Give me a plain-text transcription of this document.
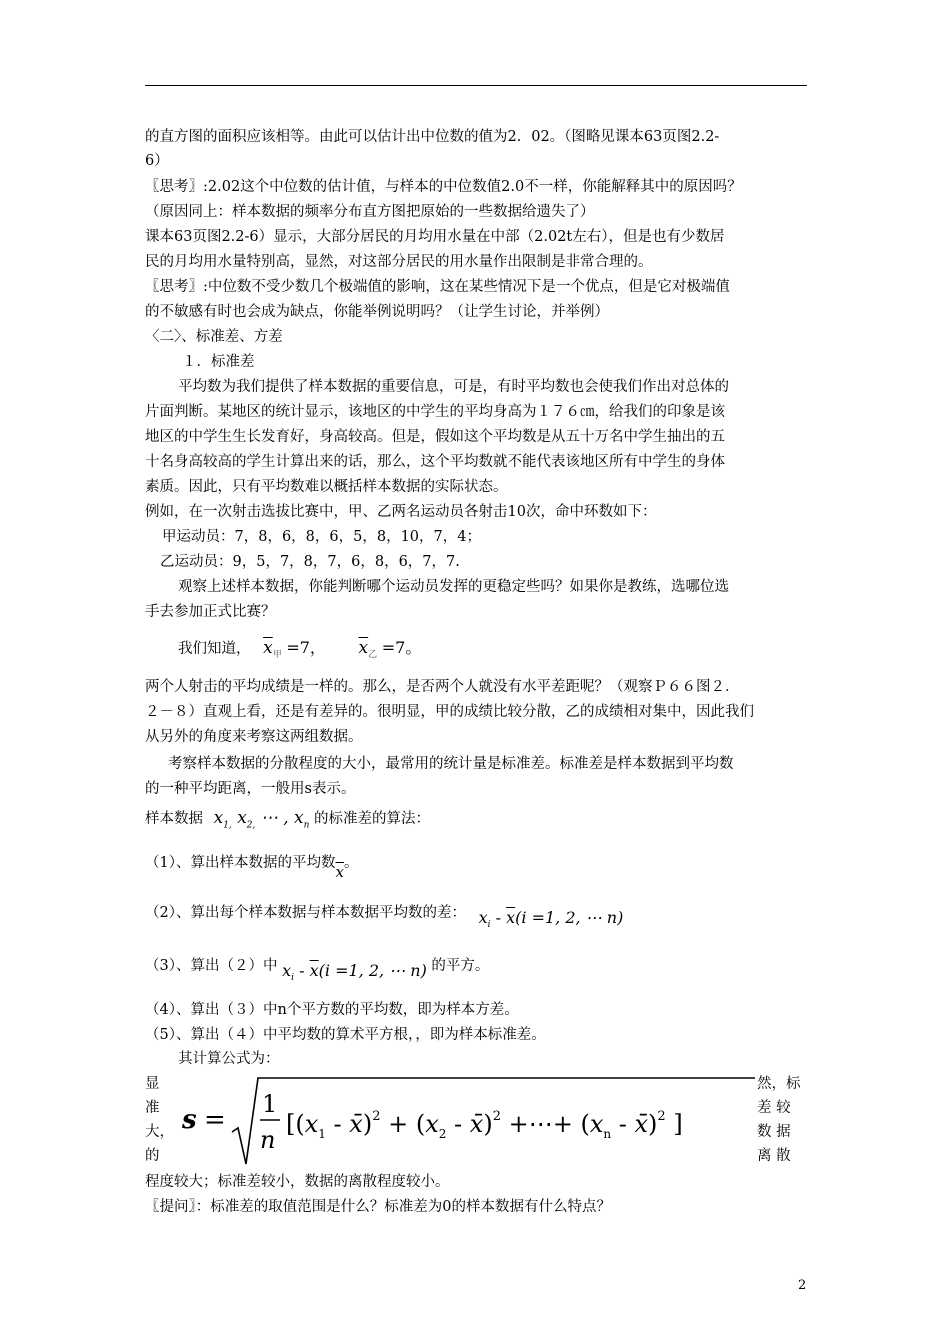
的直方图的面积应该相等。由此可以估计出中位数的值为2．02。（图略见课本63页图2.2-
6）
〖思考〗:2.02这个中位数的估计值，与样本的中位数值2.0不一样，你能解释其中的原因吗？
（原因同上：样本数据的频率分布直方图把原始的一些数据给遗失了）
课本63页图2.2-6）显示，大部分居民的月均用水量在中部（2.02t左右），但是也有少数居
民的月均用水量特别高，显然，对这部分居民的用水量作出限制是非常合理的。
〖思考〗:中位数不受少数几个极端值的影响，这在某些情况下是一个优点，但是它对极端值
的不敏感有时也会成为缺点，你能举例说明吗？（让学生讨论，并举例）
〈二〉、标准差、方差
１．标准差
平均数为我们提供了样本数据的重要信息，可是，有时平均数也会使我们作出对总体的
片面判断。某地区的统计显示，该地区的中学生的平均身高为１７６㎝，给我们的印象是该
地区的中学生生长发育好，身高较高。但是，假如这个平均数是从五十万名中学生抽出的五
十名身高较高的学生计算出来的话，那么，这个平均数就不能代表该地区所有中学生的身体
素质。因此，只有平均数难以概括样本数据的实际状态。
例如，在一次射击选拔比赛中，甲、乙两名运动员各射击10次，命中环数如下：
甲运动员：7，8，6，8，6，5，8，10，7，4；
乙运动员：9，5，7，8，7，6，8，6，7，7.
观察上述样本数据，你能判断哪个运动员发挥的更稳定些吗？如果你是教练，选哪位选
手去参加正式比赛？
我们知道， $\overline{x}_甲 =7$， $\overline{x}_乙 =7$。
两个人射击的平均成绩是一样的。那么，是否两个人就没有水平差距呢？（观察Ｐ６６图２．
２－８）直观上看，还是有差异的。很明显，甲的成绩比较分散，乙的成绩相对集中，因此我们
从另外的角度来考察这两组数据。
考察样本数据的分散程度的大小，最常用的统计量是标准差。标准差是样本数据到平均数
的一种平均距离，一般用s表示。
样本数据 $x_{1,}$ $x_{2,}$ ⋯ , $x_n$ 的标准差的算法：
（1）、算出样本数据的平均数$\overline{x}$。
（2）、算出每个样本数据与样本数据平均数的差： $x_i - \overline{x}(i =1$, 2, ⋯ n)
（3）、算出（２）中 $x_i - \overline{x}(i =1$, 2, ⋯ n) 的平方。
（4）、算出（３）中n个平方数的平均数，即为样本方差。
（5）、算出（４）中平均数的算术平方根，，即为样本标准差。
其计算公式为：
显
准
大，
的
s =
1
n
[($x_1$ - x̄)$^2$ + ($x_2$ - x̄)$^2$ +⋯+ ($x_n$ - x̄)$^2$ ]
然，标
差 较
数 据
离 散
程度较大；标准差较小，数据的离散程度较小。
〖提问〗：标准差的取值范围是什么？标准差为0的样本数据有什么特点？
2
